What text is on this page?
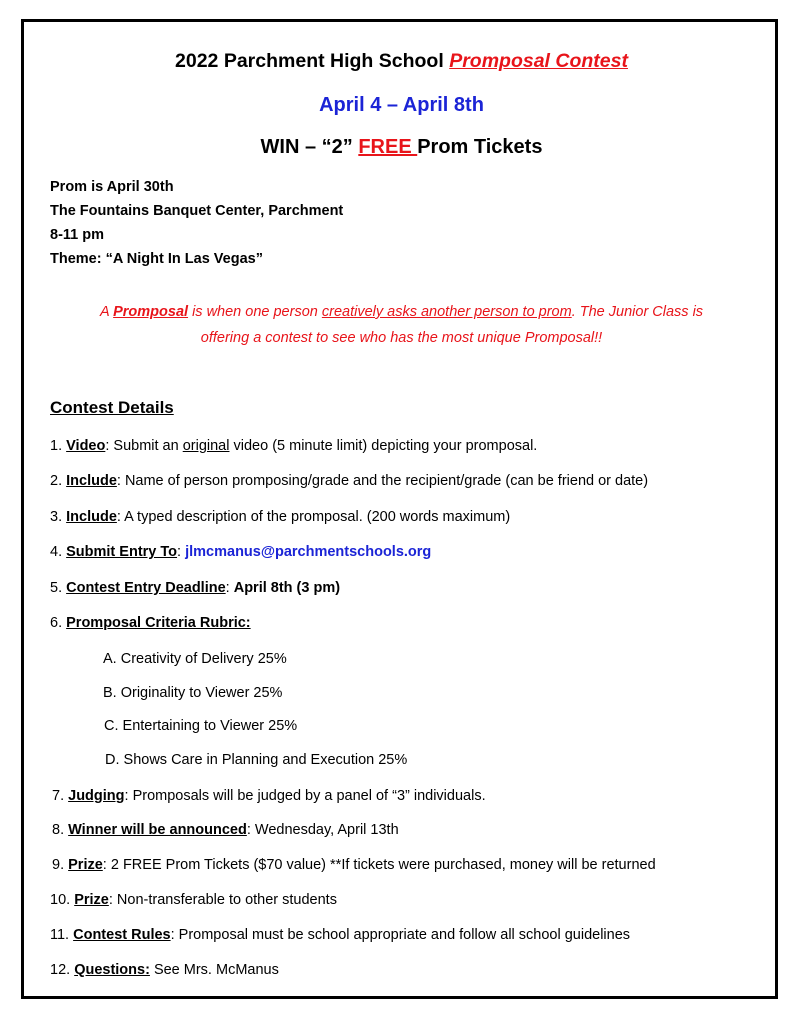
2022 Parchment High School Promposal Contest
April 4 – April 8th
WIN – “2” FREE Prom Tickets
Prom is April 30th
The Fountains Banquet Center, Parchment
8-11 pm
Theme: “A Night In Las Vegas”
A Promposal is when one person creatively asks another person to prom. The Junior Class is
offering a contest to see who has the most unique Promposal!!
Contest Details
1. Video: Submit an original video (5 minute limit) depicting your promposal.
2. Include: Name of person promposing/grade and the recipient/grade (can be friend or date)
3. Include: A typed description of the promposal. (200 words maximum)
4. Submit Entry To: jlmcmanus@parchmentschools.org
5. Contest Entry Deadline: April 8th (3 pm)
6. Promposal Criteria Rubric:
A. Creativity of Delivery 25%
B. Originality to Viewer 25%
C. Entertaining to Viewer 25%
D. Shows Care in Planning and Execution 25%
7. Judging: Promposals will be judged by a panel of “3” individuals.
8. Winner will be announced: Wednesday, April 13th
9. Prize: 2 FREE Prom Tickets ($70 value) **If tickets were purchased, money will be returned
10. Prize: Non-transferable to other students
11. Contest Rules: Promposal must be school appropriate and follow all school guidelines
12. Questions: See Mrs. McManus
